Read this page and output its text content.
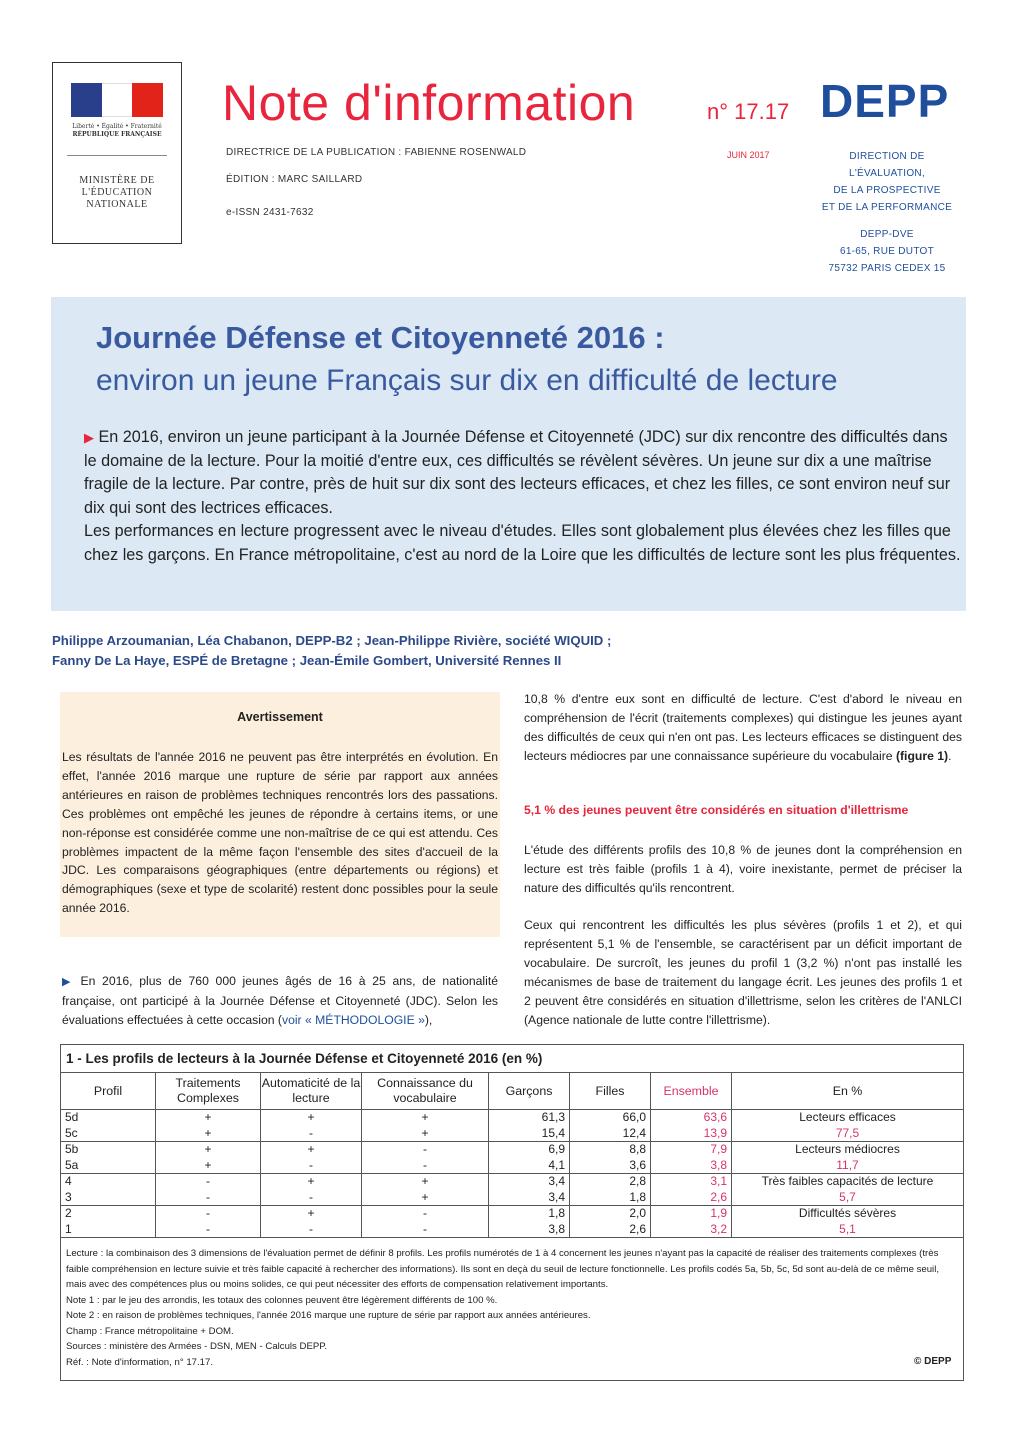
Liberté • Égalité • Fraternité
RÉPUBLIQUE FRANÇAISE
MINISTÈRE DE L'ÉDUCATION NATIONALE
Note d'information	n° 17.17 DEPP
DIRECTRICE DE LA PUBLICATION : FABIENNE ROSENWALD
ÉDITION : MARC SAILLARD
e-ISSN 2431-7632
JUIN 2017	DIRECTION DE
L'ÉVALUATION,
DE LA PROSPECTIVE
ET DE LA PERFORMANCE
DEPP-DVE
61-65, RUE DUTOT
75732 PARIS CEDEX 15
Journée Défense et Citoyenneté 2016 :
environ un jeune Français sur dix en difficulté de lecture
▶ En 2016, environ un jeune participant à la Journée Défense et Citoyenneté (JDC) sur dix rencontre des difficultés dans le domaine de la lecture. Pour la moitié d'entre eux, ces difficultés se révèlent sévères. Un jeune sur dix a une maîtrise fragile de la lecture. Par contre, près de huit sur dix sont des lecteurs efficaces, et chez les filles, ce sont environ neuf sur dix qui sont des lectrices efficaces.
Les performances en lecture progressent avec le niveau d'études. Elles sont globalement plus élevées chez les filles que chez les garçons. En France métropolitaine, c'est au nord de la Loire que les difficultés de lecture sont les plus fréquentes.
Philippe Arzoumanian, Léa Chabanon, DEPP-B2 ; Jean-Philippe Rivière, société WIQUID ;
Fanny De La Haye, ESPÉ de Bretagne ; Jean-Émile Gombert, Université Rennes II
Avertissement
Les résultats de l'année 2016 ne peuvent pas être interprétés en évolution. En effet, l'année 2016 marque une rupture de série par rapport aux années antérieures en raison de problèmes techniques rencontrés lors des passations. Ces problèmes ont empêché les jeunes de répondre à certains items, or une non-réponse est considérée comme une non-maîtrise de ce qui est attendu. Ces problèmes impactent de la même façon l'ensemble des sites d'accueil de la JDC. Les comparaisons géographiques (entre départements ou régions) et démographiques (sexe et type de scolarité) restent donc possibles pour la seule année 2016.
▶ En 2016, plus de 760 000 jeunes âgés de 16 à 25 ans, de nationalité française, ont participé à la Journée Défense et Citoyenneté (JDC). Selon les évaluations effectuées à cette occasion (voir « MÉTHODOLOGIE »),
10,8 % d'entre eux sont en difficulté de lecture. C'est d'abord le niveau en compréhension de l'écrit (traitements complexes) qui distingue les jeunes ayant des difficultés de ceux qui n'en ont pas. Les lecteurs efficaces se distinguent des lecteurs médiocres par une connaissance supérieure du vocabulaire (figure 1).
5,1 % des jeunes peuvent être considérés en situation d'illettrisme
L'étude des différents profils des 10,8 % de jeunes dont la compréhension en lecture est très faible (profils 1 à 4), voire inexistante, permet de préciser la nature des difficultés qu'ils rencontrent.
Ceux qui rencontrent les difficultés les plus sévères (profils 1 et 2), et qui représentent 5,1 % de l'ensemble, se caractérisent par un déficit important de vocabulaire. De surcroît, les jeunes du profil 1 (3,2 %) n'ont pas installé les mécanismes de base de traitement du langage écrit. Les jeunes des profils 1 et 2 peuvent être considérés en situation d'illettrisme, selon les critères de l'ANLCI (Agence nationale de lutte contre l'illettrisme).
1 - Les profils de lecteurs à la Journée Défense et Citoyenneté 2016 (en %)
Profil	Traitements Complexes	Automaticité de la lecture	Connaissance du vocabulaire	Garçons	Filles	Ensemble	En %
5d	+	+	+	61,3	66,0	63,6	Lecteurs efficaces
5c	+	-	+	15,4	12,4	13,9	77,5
5b	+	+	-	6,9	8,8	7,9	Lecteurs médiocres
5a	+	-	-	4,1	3,6	3,8	11,7
4	-	+	+	3,4	2,8	3,1	Très faibles capacités de lecture
3	-	-	+	3,4	1,8	2,6	5,7
2	-	+	-	1,8	2,0	1,9	Difficultés sévères
1	-	-	-	3,8	2,6	3,2	5,1
Lecture : la combinaison des 3 dimensions de l'évaluation permet de définir 8 profils. Les profils numérotés de 1 à 4 concernent les jeunes n'ayant pas la capacité de réaliser des traitements complexes (très faible compréhension en lecture suivie et très faible capacité à rechercher des informations). Ils sont en deçà du seuil de lecture fonctionnelle. Les profils codés 5a, 5b, 5c, 5d sont au-delà de ce même seuil, mais avec des compétences plus ou moins solides, ce qui peut nécessiter des efforts de compensation relativement importants.
Note 1 : par le jeu des arrondis, les totaux des colonnes peuvent être légèrement différents de 100 %.
Note 2 : en raison de problèmes techniques, l'année 2016 marque une rupture de série par rapport aux années antérieures.
Champ : France métropolitaine + DOM.
Sources : ministère des Armées - DSN, MEN - Calculs DEPP.
Réf. : Note d'information, n° 17.17.	© DEPP
